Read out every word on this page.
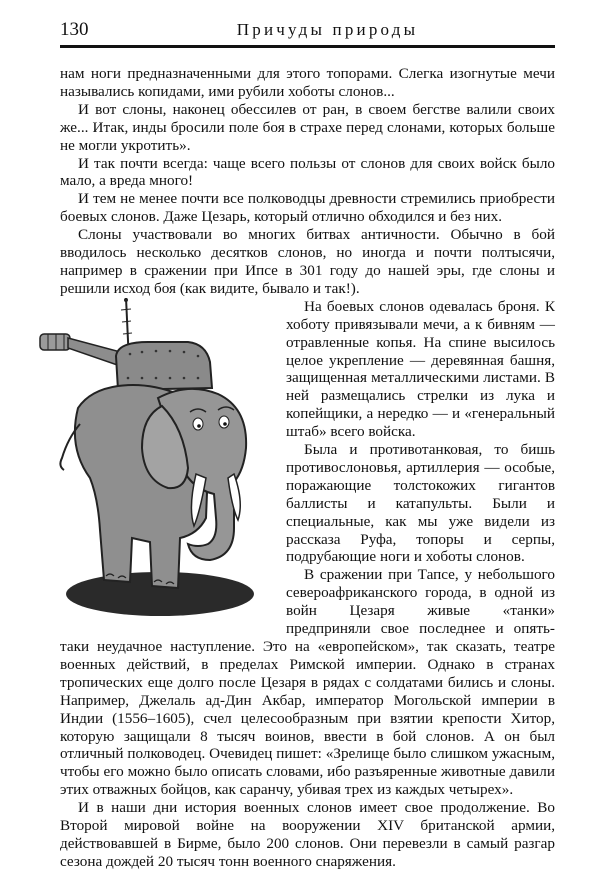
130	Причуды природы

нам ноги предназначенными для этого топорами. Слегка изогнутые мечи назывались копидами, ими рубили хоботы слонов...

И вот слоны, наконец обессилев от ран, в своем бегстве валили своих же... Итак, инды бросили поле боя в страхе перед слонами, которых больше не могли укротить».

И так почти всегда: чаще всего пользы от слонов для своих войск было мало, а вреда много!

И тем не менее почти все полководцы древности стремились приобрести боевых слонов. Даже Цезарь, который отлично обходился и без них.

Слоны участвовали во многих битвах античности. Обычно в бой вводилось несколько десятков слонов, но иногда и почти полтысячи, например в сражении при Ипсе в 301 году до нашей эры, где слоны и решили исход боя (как видите, бывало и так!).

На боевых слонов одевалась броня. К хоботу привязывали мечи, а к бивням — отравленные копья. На спине высилось целое укрепление — деревянная башня, защищенная металлическими листами. В ней размещались стрелки из лука и копейщики, а нередко — и «генеральный штаб» всего войска.

Была и противотанковая, то бишь противослоновья, артиллерия — особые, поражающие толстокожих гигантов баллисты и катапульты. Были и специальные, как мы уже видели из рассказа Руфа, топоры и серпы, подрубающие ноги и хоботы слонов.

В сражении при Тапсе, у небольшого североафриканского города, в одной из войн Цезаря живые «танки» предприняли свое последнее и опять-таки неудачное наступление. Это на «европейском», так сказать, театре военных действий, в пределах Римской империи. Однако в странах тропических еще долго после Цезаря в рядах с солдатами бились и слоны. Например, Джелаль ад-Дин Акбар, император Могольской империи в Индии (1556–1605), счел целесообразным при взятии крепости Хитор, которую защищали 8 тысяч воинов, ввести в бой слонов. А он был отличный полководец. Очевидец пишет: «Зрелище было слишком ужасным, чтобы его можно было описать словами, ибо разъяренные животные давили этих отважных бойцов, как саранчу, убивая трех из каждых четырех».

И в наши дни история военных слонов имеет свое продолжение. Во Второй мировой войне на вооружении XIV британской армии, действовавшей в Бирме, было 200 слонов. Они перевезли в самый разгар сезона дождей 20 тысяч тонн военного снаряжения.
